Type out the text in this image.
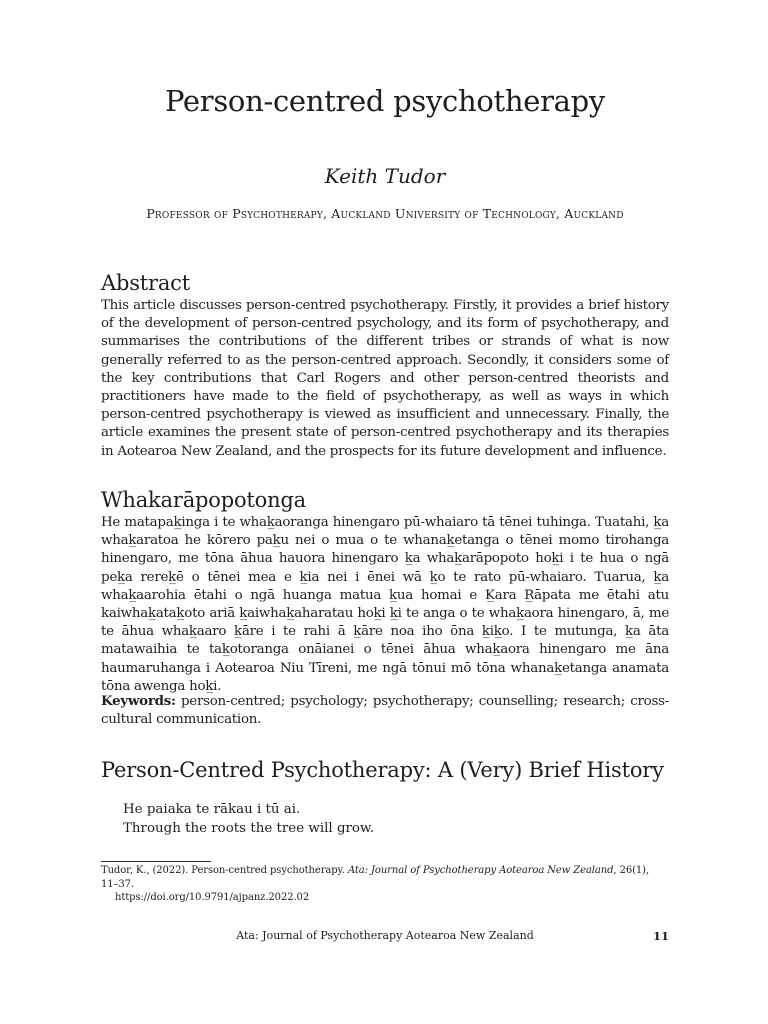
Person-centred psychotherapy

Keith Tudor

Professor of Psychotherapy, Auckland University of Technology, Auckland

Abstract

This article discusses person-centred psychotherapy. Firstly, it provides a brief history of the development of person-centred psychology, and its form of psychotherapy, and summarises the contributions of the different tribes or strands of what is now generally referred to as the person-centred approach. Secondly, it considers some of the key contributions that Carl Rogers and other person-centred theorists and practitioners have made to the field of psychotherapy, as well as ways in which person-centred psychotherapy is viewed as insufficient and unnecessary. Finally, the article examines the present state of person-centred psychotherapy and its therapies in Aotearoa New Zealand, and the prospects for its future development and influence.

Whakarāpopotonga

He matapak̲inga i te whak̲aoranga hinengaro pū-whaiaro tā tēnei tuhinga. Tuatahi, k̲a whak̲aratoa he kōrero pak̲u nei o mua o te whanak̲etanga o tēnei momo tirohanga hinengaro, me tōna āhua hauora hinengaro k̲a whak̲arāpopoto hok̲i i te hua o ngā pek̲a rerek̲ē o tēnei mea e k̲ia nei i ēnei wā k̲o te rato pū-whaiaro. Tuarua, k̲a whak̲aarohia ētahi o ngā huanga matua k̲ua homai e K̲ara R̲āpata me ētahi atu kaiwhak̲atak̲oto ariā k̲aiwhak̲aharatau hok̲i k̲i te anga o te whak̲aora hinengaro, ā, me te āhua whak̲aaro k̲āre i te rahi ā k̲āre noa iho ōna k̲ik̲o. I te mutunga, k̲a āta matawaihia te tak̲otoranga onāianei o tēnei āhua whak̲aora hinengaro me āna haumaruhanga i Aotearoa Niu Tīreni, me ngā tōnui mō tōna whanak̲etanga anamata tōna awenga hok̲i.

Keywords: person-centred; psychology; psychotherapy; counselling; research; cross-cultural communication.

Person-Centred Psychotherapy: A (Very) Brief History
He paiaka te rākau i tū ai.
Through the roots the tree will grow.

Tudor, K., (2022). Person-centred psychotherapy. Ata: Journal of Psychotherapy Aotearoa New Zealand, 26(1), 11–37.
https://doi.org/10.9791/ajpanz.2022.02

Ata: Journal of Psychotherapy Aotearoa New Zealand	11
